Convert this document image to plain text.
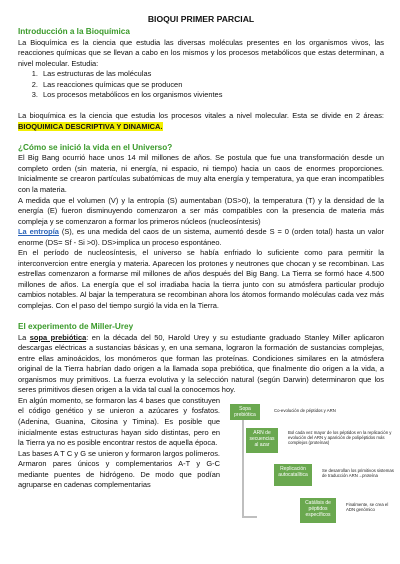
BIOQUI PRIMER PARCIAL
Introducción a la Bioquímica

La Bioquímica es la ciencia que estudia las diversas moléculas presentes en los organismos vivos, las reacciones químicas que se llevan a cabo en los mismos y los procesos metabólicos que estas determinan, a nivel molecular. Estudia:

1. Las estructuras de las moléculas
2. Las reacciones químicas que se producen
3. Los procesos metabólicos en los organismos vivientes

La bioquímica es la ciencia que estudia los procesos vitales a nivel molecular. Esta se divide en 2 áreas: BIOQUIMICA DESCRIPTIVA Y DINAMICA.

¿Cómo se inició la vida en el Universo?

El Big Bang ocurrió hace unos 14 mil millones de años. Se postula que fue una transformación desde un completo orden (sin materia, ni energía, ni espacio, ni tiempo) hacia un caos de enormes proporciones. Inicialmente se crearon partículas subatómicas de muy alta energía y temperatura, ya que eran incompatibles con la materia.

A medida que el volumen (V) y la entropía (S) aumentaban (DS>0), la temperatura (T) y la densidad de la energía (E) fueron disminuyendo comenzaron a ser más compatibles con la presencia de materia más compleja y se comenzaron a formar los primeros núcleos (nucleosíntesis)

La entropía (S), es una medida del caos de un sistema, aumentó desde S = 0 (orden total) hasta un valor enorme (DS= Sf - Si >0). DS>implica un proceso espontáneo.

En el período de nucleosíntesis, el universo se había enfriado lo suficiente como para permitir la interconvercion entre energía y materia. Aparecen los protones y neutrones que chocan y se recombinan. Las estrellas comenzaron a formarse mil millones de años después del Big Bang. La Tierra se formó hace 4.500 millones de años. La energía que el sol irradiaba hacia la tierra junto con su atmósfera particular produjo cambios notables. Al bajar la temperatura se recombinan ahora los átomos formando moléculas cada vez más complejas. Con el paso del tiempo surgió la vida en la Tierra.

El experimento de Miller-Urey

La sopa prebiótica: en la década del 50, Harold Urey y su estudiante graduado Stanley Miller aplicaron descargas eléctricas a sustancias básicas y, en una semana, lograron la formación de sustancias complejas, entre ellas aminoácidos, los monómeros que forman las proteínas. Condiciones similares en la atmósfera original de la Tierra habrían dado origen a la llamada sopa prebiótica, que finalmente dio origen a la vida, a organismos muy primitivos. La fuerza evolutiva y la selección natural (según Darwin) determinaron que los seres primitivos diesen origen a la vida tal cual la conocemos hoy.

En algún momento, se formaron las 4 bases que constituyen el código genético y se unieron a azúcares y fosfatos. (Adenina, Guanina, Citosina y Timina). Es posible que inicialmente estas estructuras hayan sido distintas, pero en la Tierra ya no es posible encontrar restos de aquella época.

Las bases A T C y G se unieron y formaron largos polímeros. Armaron pares únicos y complementarios A-T y G-C mediante puentes de hidrógeno. De modo que podían agruparse en cadenas complementarias

Sopa prebiótica
Co-evolución de péptidos y ARN
ARN de secuencias al azar
Bol cada vez mayor de los péptidos en la replicación y evolución del ARN y aparición de polipéptidos más complejos (proteínas)
Replicación autocatalítica
Se desarrollan los primitivos sistemas de traducción ARN→proteína
Catálisis de péptidos específicos
Finalmente, se crea el ADN genómico
